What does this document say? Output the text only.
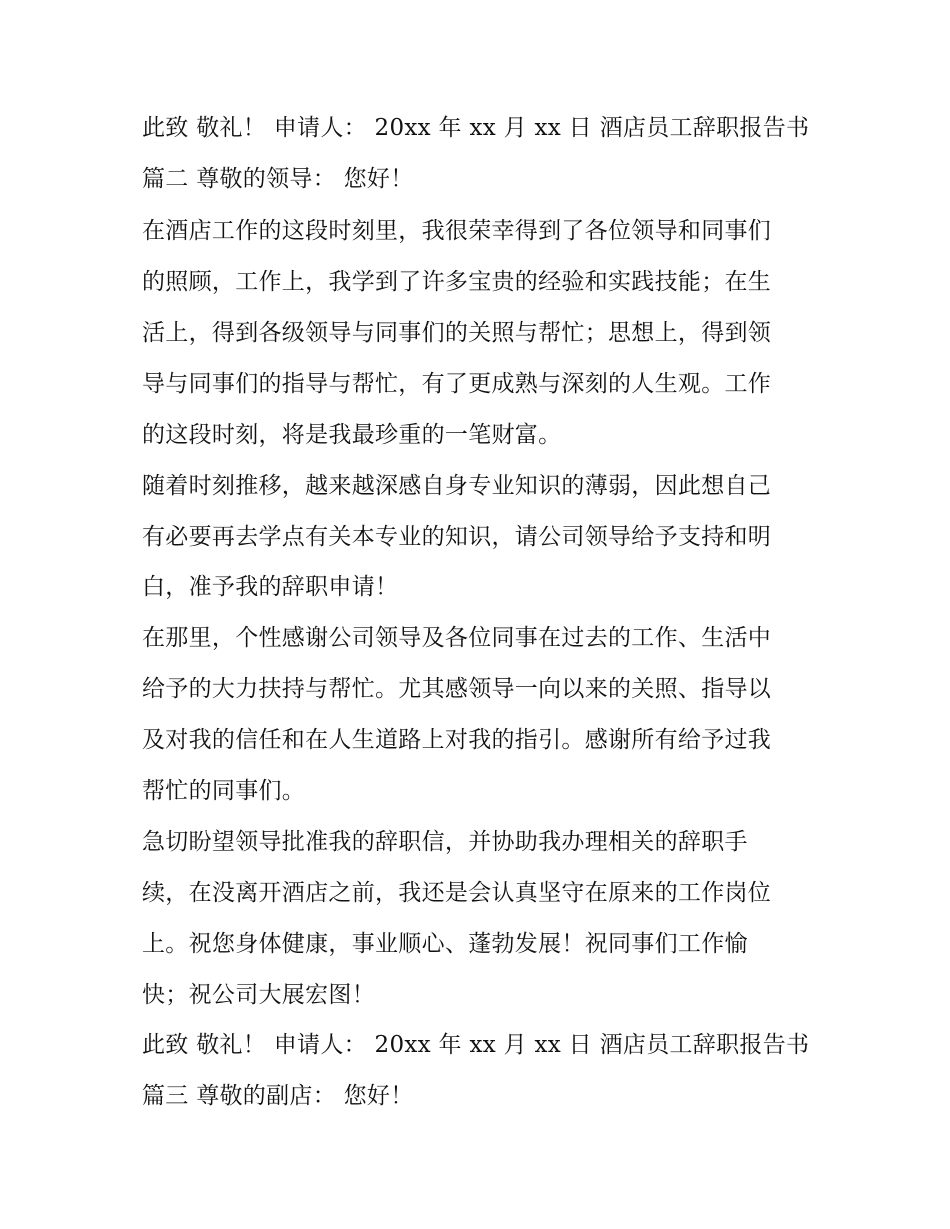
此致 敬礼！ 申请人： 20xx 年 xx 月 xx 日 酒店员工辞职报告书
篇二 尊敬的领导： 您好！
在酒店工作的这段时刻里，我很荣幸得到了各位领导和同事们
的照顾，工作上，我学到了许多宝贵的经验和实践技能；在生
活上，得到各级领导与同事们的关照与帮忙；思想上，得到领
导与同事们的指导与帮忙，有了更成熟与深刻的人生观。工作
的这段时刻，将是我最珍重的一笔财富。
随着时刻推移，越来越深感自身专业知识的薄弱，因此想自己
有必要再去学点有关本专业的知识，请公司领导给予支持和明
白，准予我的辞职申请！
在那里，个性感谢公司领导及各位同事在过去的工作、生活中
给予的大力扶持与帮忙。尤其感领导一向以来的关照、指导以
及对我的信任和在人生道路上对我的指引。感谢所有给予过我
帮忙的同事们。
急切盼望领导批准我的辞职信，并协助我办理相关的辞职手
续，在没离开酒店之前，我还是会认真坚守在原来的工作岗位
上。祝您身体健康，事业顺心、蓬勃发展！祝同事们工作愉
快；祝公司大展宏图！
此致 敬礼！ 申请人： 20xx 年 xx 月 xx 日 酒店员工辞职报告书
篇三 尊敬的副店： 您好！
